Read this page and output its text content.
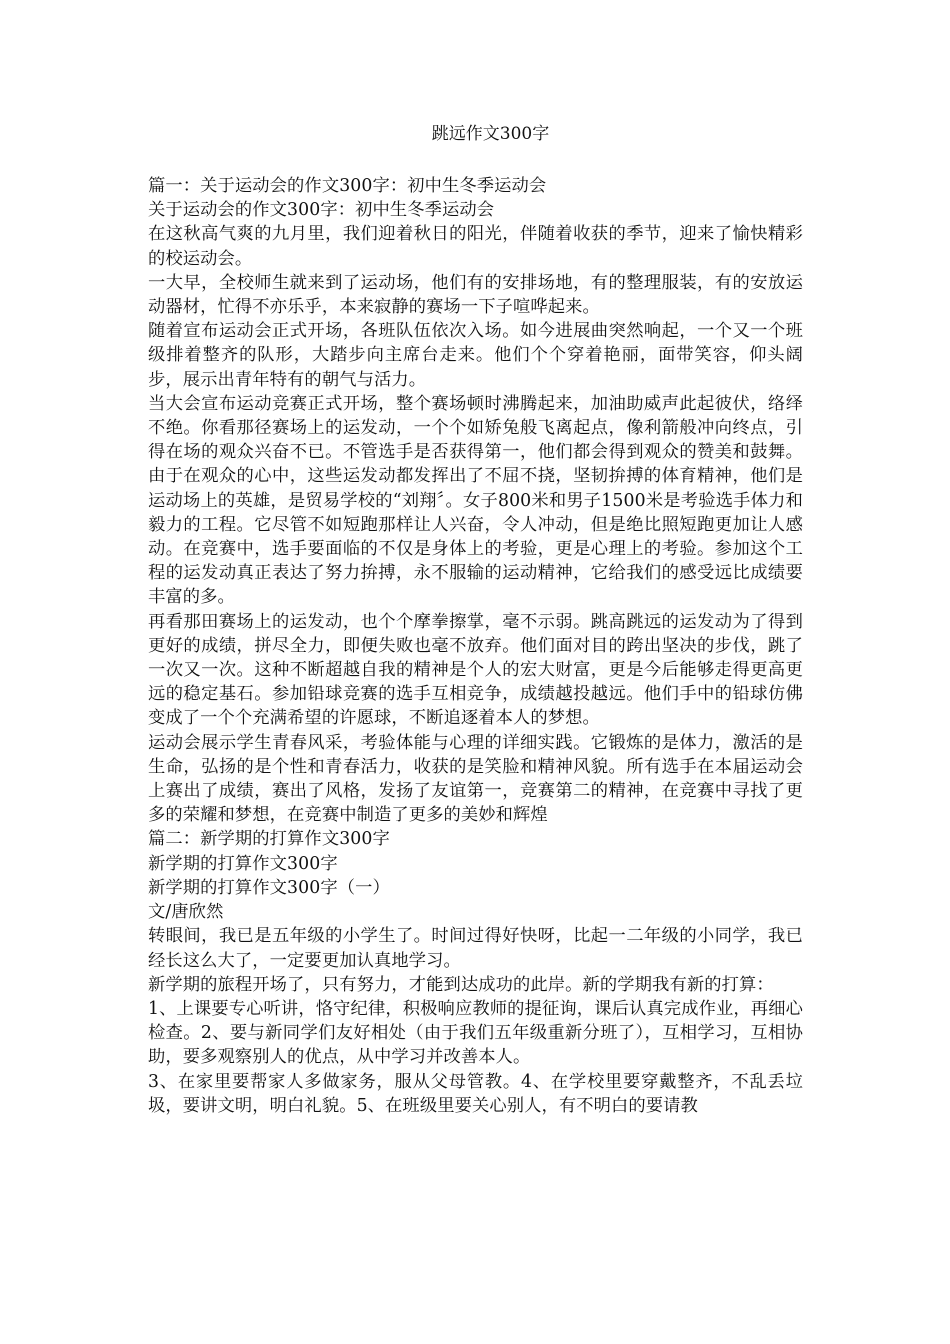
跳远作文300字

篇一：关于运动会的作文300字：初中生冬季运动会

关于运动会的作文300字：初中生冬季运动会

在这秋高气爽的九月里，我们迎着秋日的阳光，伴随着收获的季节，迎来了愉快精彩的校运动会。

一大早，全校师生就来到了运动场，他们有的安排场地，有的整理服装，有的安放运动器材，忙得不亦乐乎，本来寂静的赛场一下子喧哗起来。

随着宣布运动会正式开场，各班队伍依次入场。如今进展曲突然响起，一个又一个班级排着整齐的队形，大踏步向主席台走来。他们个个穿着艳丽，面带笑容，仰头阔步，展示出青年特有的朝气与活力。

当大会宣布运动竞赛正式开场，整个赛场顿时沸腾起来，加油助威声此起彼伏，络绎不绝。你看那径赛场上的运发动，一个个如矫兔般飞离起点，像利箭般冲向终点，引得在场的观众兴奋不已。不管选手是否获得第一，他们都会得到观众的赞美和鼓舞。由于在观众的心中，这些运发动都发挥出了不屈不挠，坚韧拚搏的体育精神，他们是运动场上的英雄，是贸易学校的“刘翔〞。女子800米和男子1500米是考验选手体力和毅力的工程。它尽管不如短跑那样让人兴奋，令人冲动，但是绝比照短跑更加让人感动。在竞赛中，选手要面临的不仅是身体上的考验，更是心理上的考验。参加这个工程的运发动真正表达了努力拚搏，永不服输的运动精神，它给我们的感受远比成绩要丰富的多。

再看那田赛场上的运发动，也个个摩拳擦掌，毫不示弱。跳高跳远的运发动为了得到更好的成绩，拼尽全力，即便失败也毫不放弃。他们面对目的跨出坚决的步伐，跳了一次又一次。这种不断超越自我的精神是个人的宏大财富，更是今后能够走得更高更远的稳定基石。参加铅球竞赛的选手互相竞争，成绩越投越远。他们手中的铅球仿佛变成了一个个充满希望的许愿球，不断追逐着本人的梦想。

运动会展示学生青春风采，考验体能与心理的详细实践。它锻炼的是体力，激活的是生命，弘扬的是个性和青春活力，收获的是笑脸和精神风貌。所有选手在本届运动会上赛出了成绩，赛出了风格，发扬了友谊第一，竞赛第二的精神，在竞赛中寻找了更多的荣耀和梦想，在竞赛中制造了更多的美妙和辉煌

篇二：新学期的打算作文300字

新学期的打算作文300字

新学期的打算作文300字（一）

文/唐欣然

转眼间，我已是五年级的小学生了。时间过得好快呀，比起一二年级的小同学，我已经长这么大了，一定要更加认真地学习。

新学期的旅程开场了，只有努力，才能到达成功的此岸。新的学期我有新的打算：

1、上课要专心听讲，恪守纪律，积极响应教师的提征询，课后认真完成作业，再细心检查。2、要与新同学们友好相处（由于我们五年级重新分班了），互相学习，互相协助，要多观察别人的优点，从中学习并改善本人。

3、在家里要帮家人多做家务，服从父母管教。4、在学校里要穿戴整齐，不乱丢垃圾，要讲文明，明白礼貌。5、在班级里要关心别人，有不明白的要请教
